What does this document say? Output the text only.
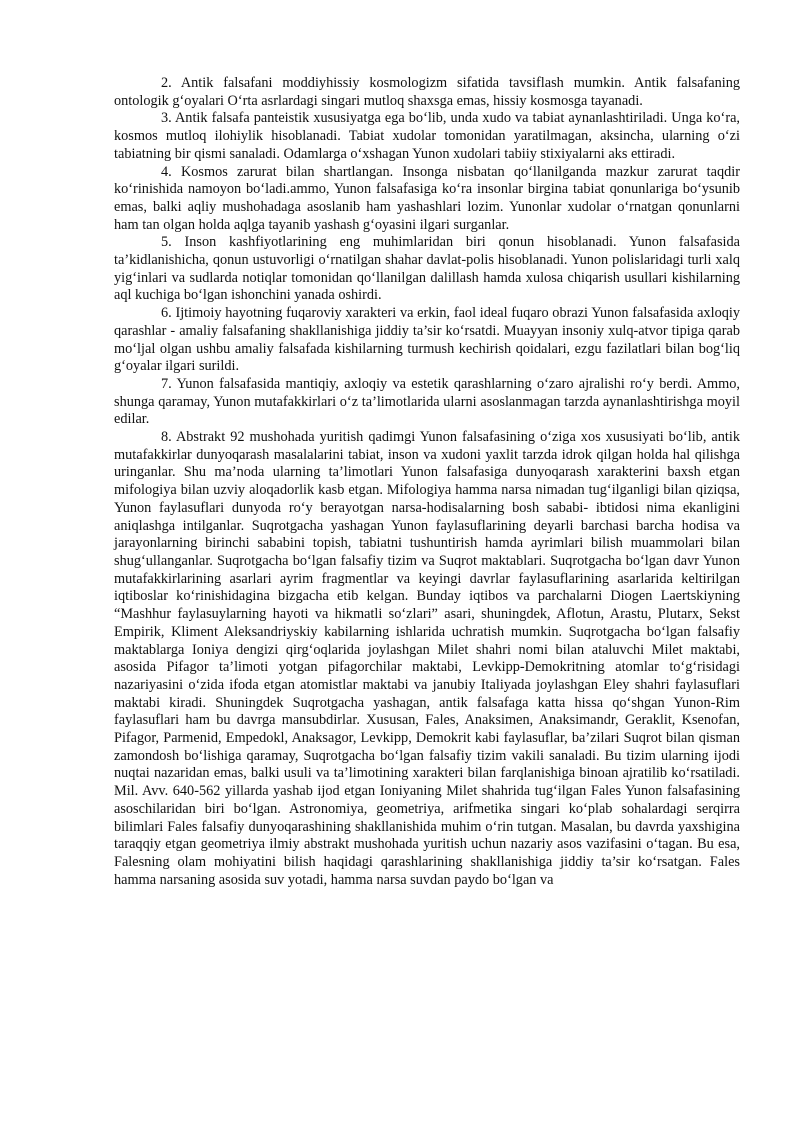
2. Antik falsafani moddiyhissiy kosmologizm sifatida tavsiflash mumkin. Antik falsafaning ontologik g‘oyalari O‘rta asrlardagi singari mutloq shaxsga emas, hissiy kosmosga tayanadi.

3. Antik falsafa panteistik xususiyatga ega bo‘lib, unda xudo va tabiat aynanlashtiriladi. Unga ko‘ra, kosmos mutloq ilohiylik hisoblanadi. Tabiat xudolar tomonidan yaratilmagan, aksincha, ularning o‘zi tabiatning bir qismi sanaladi. Odamlarga o‘xshagan Yunon xudolari tabiiy stixiyalarni aks ettiradi.

4. Kosmos zarurat bilan shartlangan. Insonga nisbatan qo‘llanilganda mazkur zarurat taqdir ko‘rinishida namoyon bo‘ladi.ammo, Yunon falsafasiga ko‘ra insonlar birgina tabiat qonunlariga bo‘ysunib emas, balki aqliy mushohadaga asoslanib ham yashashlari lozim. Yunonlar xudolar o‘rnatgan qonunlarni ham tan olgan holda aqlga tayanib yashash g‘oyasini ilgari surganlar.

5. Inson kashfiyotlarining eng muhimlaridan biri qonun hisoblanadi. Yunon falsafasida ta’kidlanishicha, qonun ustuvorligi o‘rnatilgan shahar davlat-polis hisoblanadi. Yunon polislaridagi turli xalq yig‘inlari va sudlarda notiqlar tomonidan qo‘llanilgan dalillash hamda xulosa chiqarish usullari kishilarning aql kuchiga bo‘lgan ishonchini yanada oshirdi.

6. Ijtimoiy hayotning fuqaroviy xarakteri va erkin, faol ideal fuqaro obrazi Yunon falsafasida axloqiy qarashlar - amaliy falsafaning shakllanishiga jiddiy ta’sir ko‘rsatdi. Muayyan insoniy xulq-atvor tipiga qarab mo‘ljal olgan ushbu amaliy falsafada kishilarning turmush kechirish qoidalari, ezgu fazilatlari bilan bog‘liq g‘oyalar ilgari surildi.

7. Yunon falsafasida mantiqiy, axloqiy va estetik qarashlarning o‘zaro ajralishi ro‘y berdi. Ammo, shunga qaramay, Yunon mutafakkirlari o‘z ta’limotlarida ularni asoslanmagan tarzda aynanlashtirishga moyil edilar.

8. Abstrakt 92 mushohada yuritish qadimgi Yunon falsafasining o‘ziga xos xususiyati bo‘lib, antik mutafakkirlar dunyoqarash masalalarini tabiat, inson va xudoni yaxlit tarzda idrok qilgan holda hal qilishga uringanlar. Shu ma’noda ularning ta’limotlari Yunon falsafasiga dunyoqarash xarakterini baxsh etgan mifologiya bilan uzviy aloqadorlik kasb etgan. Mifologiya hamma narsa nimadan tug‘ilganligi bilan qiziqsa, Yunon faylasuflari dunyoda ro‘y berayotgan narsa-hodisalarning bosh sababi- ibtidosi nima ekanligini aniqlashga intilganlar. Suqrotgacha yashagan Yunon faylasuflarining deyarli barchasi barcha hodisa va jarayonlarning birinchi sababini topish, tabiatni tushuntirish hamda ayrimlari bilish muammolari bilan shug‘ullanganlar. Suqrotgacha bo‘lgan falsafiy tizim va Suqrot maktablari. Suqrotgacha bo‘lgan davr Yunon mutafakkirlarining asarlari ayrim fragmentlar va keyingi davrlar faylasuflarining asarlarida keltirilgan iqtiboslar ko‘rinishidagina bizgacha etib kelgan. Bunday iqtibos va parchalarni Diogen Laertskiyning “Mashhur faylasuylarning hayoti va hikmatli so‘zlari” asari, shuningdek, Aflotun, Arastu, Plutarx, Sekst Empirik, Kliment Aleksandriyskiy kabilarning ishlarida uchratish mumkin. Suqrotgacha bo‘lgan falsafiy maktablarga Ioniya dengizi qirg‘oqlarida joylashgan Milet shahri nomi bilan ataluvchi Milet maktabi, asosida Pifagor ta’limoti yotgan pifagorchilar maktabi, Levkipp-Demokritning atomlar to‘g‘risidagi nazariyasini o‘zida ifoda etgan atomistlar maktabi va janubiy Italiyada joylashgan Eley shahri faylasuflari maktabi kiradi. Shuningdek Suqrotgacha yashagan, antik falsafaga katta hissa qo‘shgan Yunon-Rim faylasuflari ham bu davrga mansubdirlar. Xususan, Fales, Anaksimen, Anaksimandr, Geraklit, Ksenofan, Pifagor, Parmenid, Empedokl, Anaksagor, Levkipp, Demokrit kabi faylasuflar, ba’zilari Suqrot bilan qisman zamondosh bo‘lishiga qaramay, Suqrotgacha bo‘lgan falsafiy tizim vakili sanaladi. Bu tizim ularning ijodi nuqtai nazaridan emas, balki usuli va ta’limotining xarakteri bilan farqlanishiga binoan ajratilib ko‘rsatiladi. Mil. Avv. 640-562 yillarda yashab ijod etgan Ioniyaning Milet shahrida tug‘ilgan Fales Yunon falsafasining asoschilaridan biri bo‘lgan. Astronomiya, geometriya, arifmetika singari ko‘plab sohalardagi serqirra bilimlari Fales falsafiy dunyoqarashining shakllanishida muhim o‘rin tutgan. Masalan, bu davrda yaxshigina taraqqiy etgan geometriya ilmiy abstrakt mushohada yuritish uchun nazariy asos vazifasini o‘tagan. Bu esa, Falesning olam mohiyatini bilish haqidagi qarashlarining shakllanishiga jiddiy ta’sir ko‘rsatgan. Fales hamma narsaning asosida suv yotadi, hamma narsa suvdan paydo bo‘lgan va
